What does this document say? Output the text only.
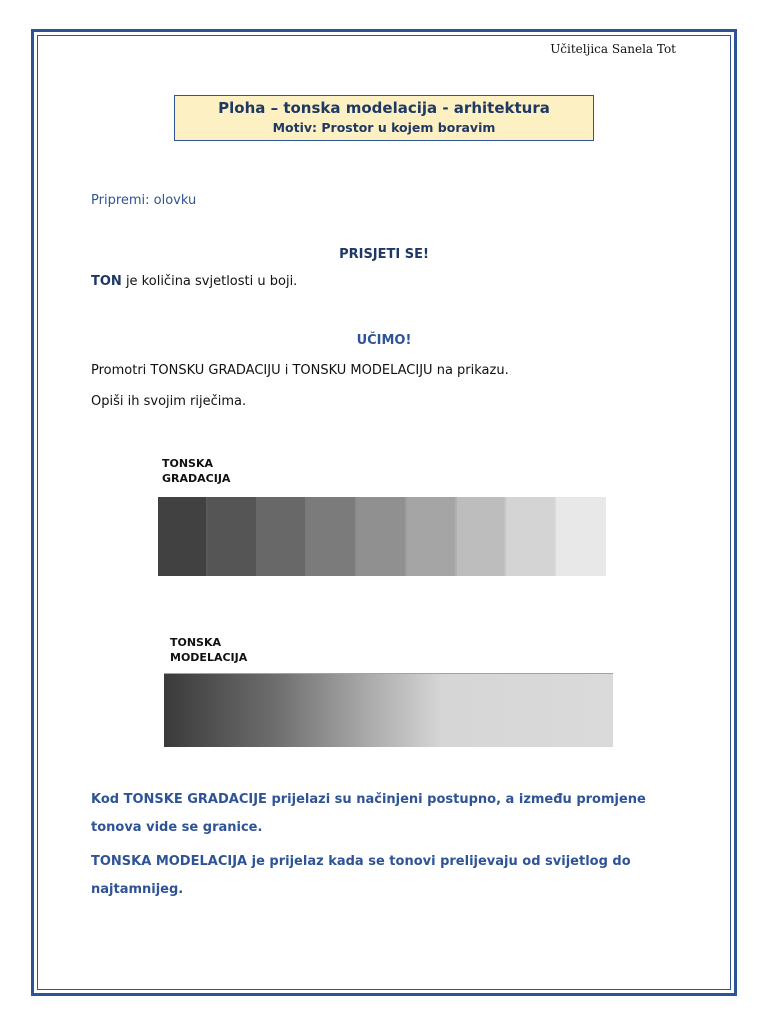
Učiteljica Sanela Tot
Ploha – tonska modelacija - arhitektura
Motiv: Prostor u kojem boravim
Pripremi: olovku
PRISJETI SE!
TON je količina svjetlosti u boji.
UČIMO!
Promotri TONSKU GRADACIJU i TONSKU MODELACIJU na prikazu.
Opiši ih svojim riječima.
TONSKA
GRADACIJA
TONSKA
MODELACIJA
Kod TONSKE GRADACIJE prijelazi su načinjeni postupno, a između promjene tonova vide se granice.
TONSKA MODELACIJA je prijelaz kada se tonovi prelijevaju od svijetlog do najtamnijeg.
